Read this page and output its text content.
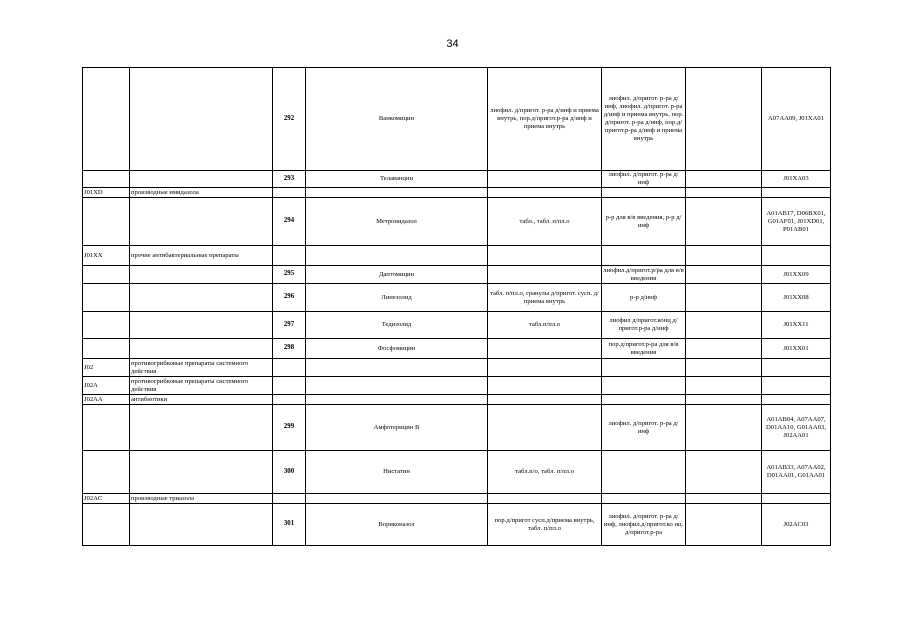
34
		292	Ванкомицин	лиофил. д/пригот. р-ра д/инф и приема внутрь, пор.д/пригот.р-ра д/инф и приема внутрь	лиофил. д/пригот. р-ра д/инф, лиофил. д/пригот. р-ра д/инф и приема внутрь, пор. д/пригот. р-ра д/инф, пор.д/пригот.р-ра д/инф и приема внутрь		A07AA09, J01XA01
		293	Телаванцин		лиофил. д/пригот. р-ра д/инф		J01XA03
J01XD	производные имидазола						
		294	Метронидазол	табл., табл. п/пл.о	р-р для в/в введения, р-р д/инф		A01AB17, D06BX01, G01AF01, J01XD01, P01AB01
J01XX	прочие антибактериальные препараты						
		295	Даптомицин		лиофил.д/пригот.р/ра для в/в введения		J01XX09
		296	Линезолид	табл. п/пл.о, гранулы д/пригот. сусп. д/приема внутрь	р-р д/инф		J01XX08
		297	Тедизолид	табл.п/пл.о	лиофил д/пригот.конц д/пригот.р-ра д/инф		J01XX11
		298	Фосфомицин		пор.д/пригот.р-ра для в/в введения		J01XX01
J02	противогрибковые препараты системного действия						
J02A	противогрибковые препараты системного действия						
J02AA	антибиотики						
		299	Амфотерицин В		лиофил. д/пригот. р-ра д/инф		A01AB04, A07AA07, D01AA10, G01AA03, J02AA01
		300	Нистатин	табл.п/о, табл. п/пл.о			A01AB33, A07AA02, D01AA01, G01AA01
J02AC	производные триазола						
		301	Вориконазол	пор.д/пригот сусп.д/приема внутрь, табл. п/пл.о	лиофил. д/пригот. р-ра д/инф, лиофил.д/пригот.ко нц. д/пригот.р-ра		J02AC03
